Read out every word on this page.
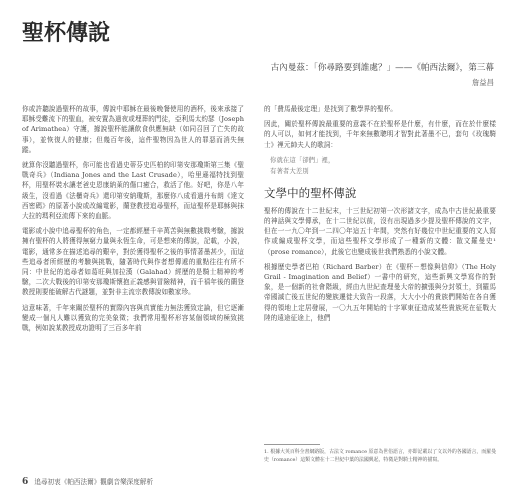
聖杯傳說
古內曼茲：「你尋路要到誰處？」——《帕西法爾》，第三幕
詹益昌

你或許聽說過聖杯的故事，傳說中耶穌在最後晚餐使用的酒杯，後來承接了耶穌受難流下的聖血，被安置為過夜或埋葬的門徒，亞利馬太約瑟（Joseph of Arimathea）守護，據說聖杯能讓飲食供應無缺（如同召回了亡失的故事），並恢復人的健康；但幾百年後，這件聖物因為世人的罪惡而消失無蹤。

就算你沒聽過聖杯，你可能也看過史蒂芬史匹柏的印第安那瓊斯第三集《聖戰奇兵》（Indiana Jones and the Last Crusade），哈里遜福特找到聖杯，用聖杯裝水讓老爸史恩康納萊的傷口癒合，救活了他。好吧，你是八年級生，沒看過《法櫃奇兵》還印第安納瓊斯，那麼你八成看過丹布朗《達文西密碼》的原著小說或改編電影，蘭登教授追尋聖杯，而這聖杯是耶穌與抹大拉的瑪利亞流傳下來的血脈。

電影或小說中追尋聖杯的角色，一定都經歷千辛萬苦與無數挑戰考驗，據說擁有聖杯的人將獲得無窮力量與永恆生命，可是想來的傳說，記載，小說，電影，通常多在描述追尋的艱辛，對於獲得聖杯之後的事情著墨甚少，而這些追尋者所經歷的考驗與挑戰，隨著時代與作者想傳遞的重點往往有所不同：中世紀的追尋者如葛旺與加拉漢（Galahad）經歷的是騎士精神的考驗，二次大戰後的印第安那瓊斯懷抱正義感與冒險精神，而千禧年後的蘭登教授則要能破解古代謎題，並對非主流宗教傳說如數家珍。

這意味著，千年來關於聖杯的實際內容與真實能力無法獲致定論，但它逐漸變成一個凡人難以獲致的完美象徵；我們常用聖杯形容某個領域的極致挑戰，例如說某教授成功證明了三百多年前

的「費馬最後定理」是找到了數學界的聖杯。

因此，關於聖杯傳說最重要的意義不在於聖杯是什麼，有什麼，而在於什麼樣的人可以，如何才能找到，千年來無數聰明才智對此著墨不已，套句《玫瑰騎士》裡元帥夫人的歌詞：

你就在這「卻們」裡，
有著者大差別
文學中的聖杯傳說

聖杯的傳說在十二世紀末，十三世紀初第一次形諸文字，成為中古世紀最重要的神話與文學傳承，在十二世紀以前，沒有出現過多少提及聖杯傳說的文字，但在一一九〇年到一二四〇年這五十年間，突然有好幾位中世紀重要的文人寫作或編成聖杯文學，而這些聖杯文學形成了一種新的文體：散文羅曼史¹（prose romance），此後它也變成後世我們熟悉的小說文體。

根據歷史學者巴柏（Richard Barber）在《聖杯－想像與信仰》（The Holy Grail - Imagination and Belief）一書中的研究，這些新興文學寫作的對象，是一個新的社會階級，經由九世紀查理曼大帝的擴張與分封領土，到羅馬帝國滅亡後五世紀的變族遷徙大致告一段落，大大小小的貴族們開始在各自獲得的領地上定居發展，一〇九五年開始的十字軍東征造成某些貴族死在征戰大陸的遠途征途上，他們

1. 根據大英百科全書網路版，古法文 romance 原意為世俗語言，亦即記載以了文以外的各國語言，而羅曼史（romance）這類文體在十二世紀中葉的法國興起，特徵是對騎士精神的描寫。
6 追尋初衷《帕西法爾》觀劇音樂深度解析
